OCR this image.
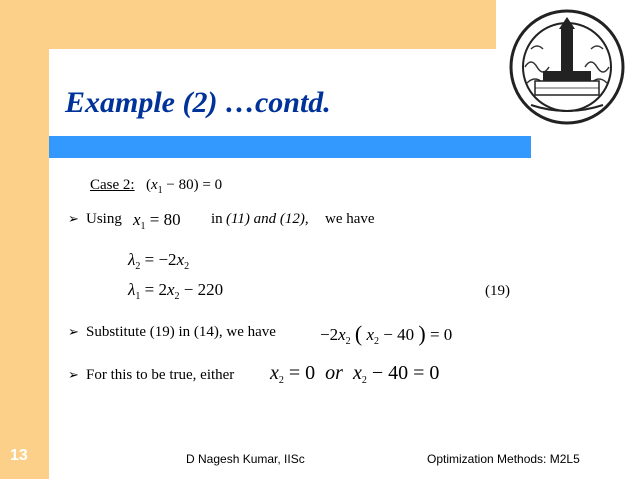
Example (2) …contd.
Case 2: $(x_1 - 80) = 0$
➢ Using $x_1 = 80$ in (11) and (12), we have
$\lambda_2 = -2x_2$
$\lambda_1 = 2x_2 - 220$	(19)
➢ Substitute (19) in (14), we have	$-2x_2$ ( $x_2 - 40$ ) = 0
➢ For this to be true, either $x_2 = 0$  or $x_2 - 40 = 0$
13	D Nagesh Kumar, IISc	Optimization Methods: M2L5
